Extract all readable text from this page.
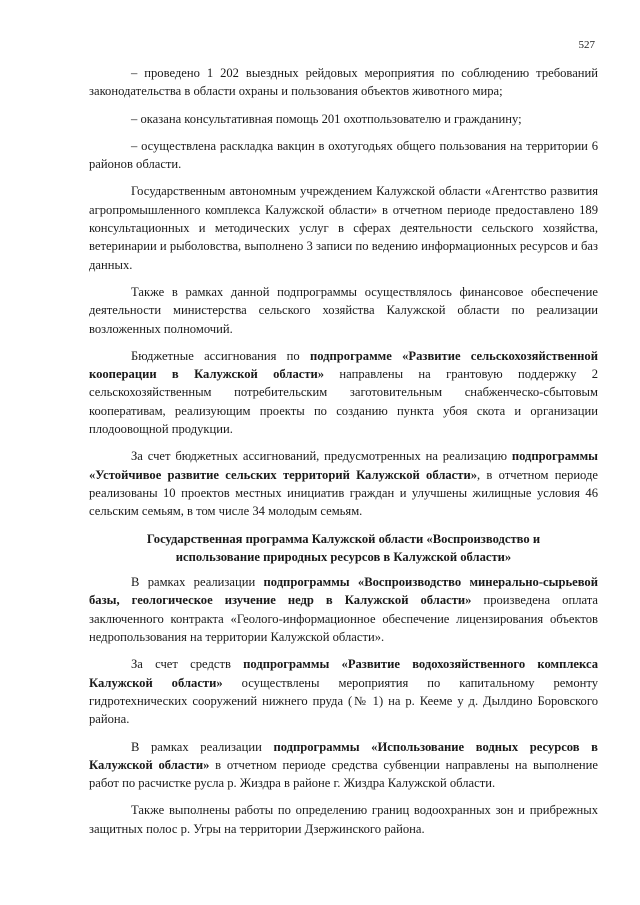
527

– проведено 1 202 выездных рейдовых мероприятия по соблюдению требований законодательства в области охраны и пользования объектов животного мира;

– оказана консультативная помощь 201 охотпользователю и гражданину;

– осуществлена раскладка вакцин в охотугодьях общего пользования на территории 6 районов области.

Государственным автономным учреждением Калужской области «Агентство развития агропромышленного комплекса Калужской области» в отчетном периоде предоставлено 189 консультационных и методических услуг в сферах деятельности сельского хозяйства, ветеринарии и рыболовства, выполнено 3 записи по ведению информационных ресурсов и баз данных.

Также в рамках данной подпрограммы осуществлялось финансовое обеспечение деятельности министерства сельского хозяйства Калужской области по реализации возложенных полномочий.

Бюджетные ассигнования по подпрограмме «Развитие сельскохозяйственной кооперации в Калужской области» направлены на грантовую поддержку 2 сельскохозяйственным потребительским заготовительным снабженческо-сбытовым кооперативам, реализующим проекты по созданию пункта убоя скота и организации плодоовощной продукции.

За счет бюджетных ассигнований, предусмотренных на реализацию подпрограммы «Устойчивое развитие сельских территорий Калужской области», в отчетном периоде реализованы 10 проектов местных инициатив граждан и улучшены жилищные условия 46 сельским семьям, в том числе 34 молодым семьям.

Государственная программа Калужской области «Воспроизводство и использование природных ресурсов в Калужской области»

В рамках реализации подпрограммы «Воспроизводство минерально-сырьевой базы, геологическое изучение недр в Калужской области» произведена оплата заключенного контракта «Геолого-информационное обеспечение лицензирования объектов недропользования на территории Калужской области».

За счет средств подпрограммы «Развитие водохозяйственного комплекса Калужской области» осуществлены мероприятия по капитальному ремонту гидротехнических сооружений нижнего пруда (№ 1) на р. Кееме у д. Дылдино Боровского района.

В рамках реализации подпрограммы «Использование водных ресурсов в Калужской области» в отчетном периоде средства субвенции направлены на выполнение работ по расчистке русла р. Жиздра в районе г. Жиздра Калужской области.

Также выполнены работы по определению границ водоохранных зон и прибрежных защитных полос р. Угры на территории Дзержинского района.
